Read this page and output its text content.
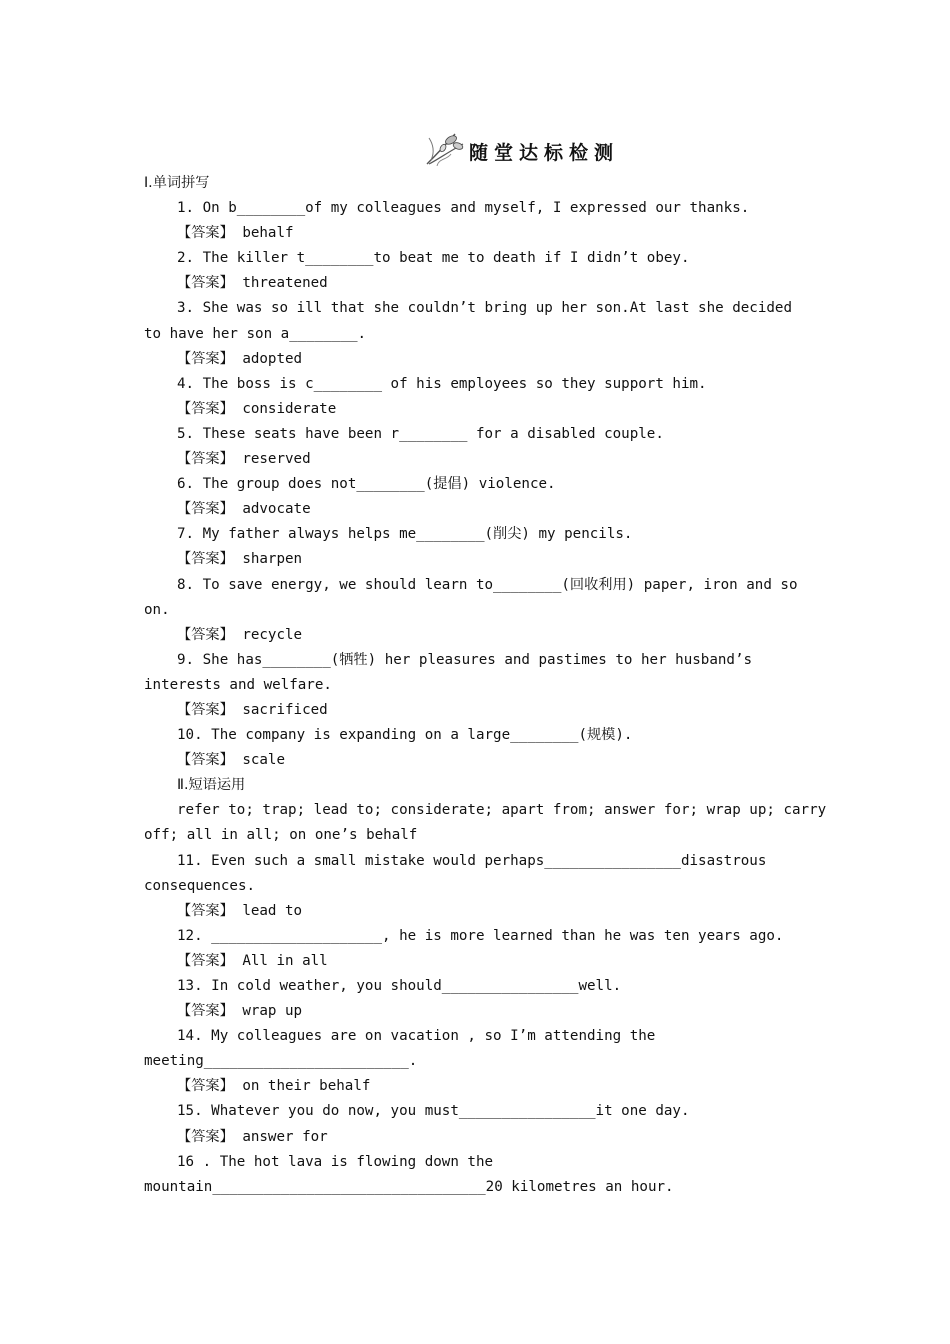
随堂达标检测
Ⅰ.单词拼写
1. On b________of my colleagues and myself, I expressed our thanks.
【答案】 behalf
2. The killer t________to beat me to death if I didn’t obey.
【答案】 threatened
3. She was so ill that she couldn’t bring up her son.At last she decided
to have her son a________.
【答案】 adopted
4. The boss is c________ of his employees so they support him.
【答案】 considerate
5. These seats have been r________ for a disabled couple.
【答案】 reserved
6. The group does not________(提倡) violence.
【答案】 advocate
7. My father always helps me________(削尖) my pencils.
【答案】 sharpen
8. To save energy, we should learn to________(回收利用) paper, iron and so
on.
【答案】 recycle
9. She has________(牺牲) her pleasures and pastimes to her husband’s
interests and welfare.
【答案】 sacrificed
10. The company is expanding on a large________(规模).
【答案】 scale
Ⅱ.短语运用
refer to; trap; lead to; considerate; apart from; answer for; wrap up; carry
off; all in all; on one’s behalf
11. Even such a small mistake would perhaps________________disastrous
consequences.
【答案】 lead to
12. ____________________, he is more learned than he was ten years ago.
【答案】 All in all
13. In cold weather, you should________________well.
【答案】 wrap up
14. My colleagues are on vacation , so I’m attending the
meeting________________________.
【答案】 on their behalf
15. Whatever you do now, you must________________it one day.
【答案】 answer for
16 . The hot lava is flowing down the
mountain________________________________20 kilometres an hour.
